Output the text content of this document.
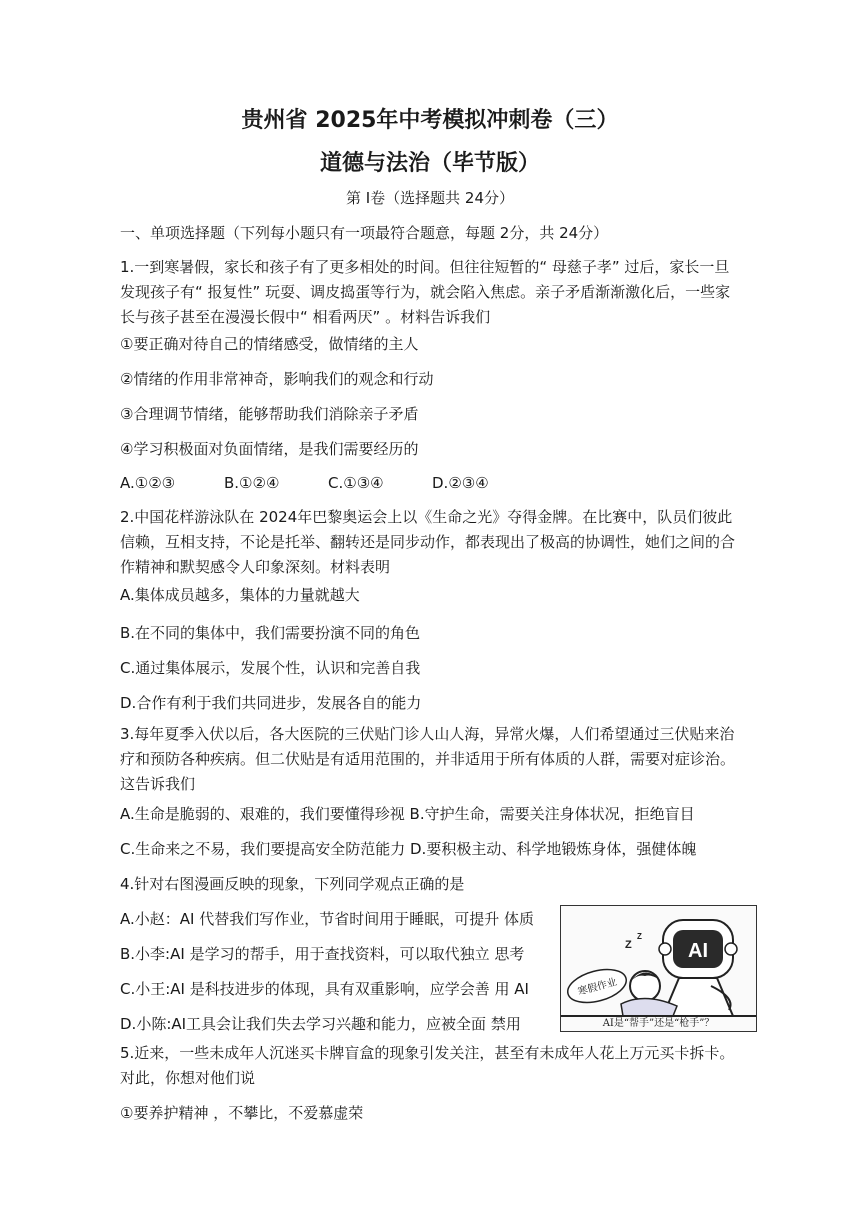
贵州省 2025年中考模拟冲刺卷（三）
道德与法治（毕节版）
第 I卷（选择题共 24分）
一、单项选择题（下列每小题只有一项最符合题意，每题 2分，共 24分）
1.一到寒暑假，家长和孩子有了更多相处的时间。但往往短暂的“ 母慈子孝” 过后，家长一旦 发现孩子有“ 报复性” 玩耍、调皮捣蛋等行为，就会陷入焦虑。亲子矛盾渐渐激化后，一些家 长与孩子甚至在漫漫长假中“ 相看两厌” 。材料告诉我们
①要正确对待自己的情绪感受，做情绪的主人
②情绪的作用非常神奇，影响我们的观念和行动
③合理调节情绪，能够帮助我们消除亲子矛盾
④学习积极面对负面情绪，是我们需要经历的
A.①②③	B.①②④	C.①③④	D.②③④
2.中国花样游泳队在 2024年巴黎奥运会上以《生命之光》夺得金牌。在比赛中，队员们彼此信赖，互相支持，不论是托举、翻转还是同步动作，都表现出了极高的协调性，她们之间的合作精神和默契感令人印象深刻。材料表明
A.集体成员越多，集体的力量就越大
B.在不同的集体中，我们需要扮演不同的角色
C.通过集体展示，发展个性，认识和完善自我
D.合作有利于我们共同进步，发展各自的能力
3.每年夏季入伏以后，各大医院的三伏贴门诊人山人海，异常火爆，人们希望通过三伏贴来治疗和预防各种疾病。但二伏贴是有适用范围的，并非适用于所有体质的人群，需要对症诊治。这告诉我们
A.生命是脆弱的、艰难的，我们要懂得珍视 B.守护生命，需要关注身体状况，拒绝盲目
C.生命来之不易，我们要提高安全防范能力 D.要积极主动、科学地锻炼身体，强健体魄
4.针对右图漫画反映的现象，下列同学观点正确的是
A.小赵：AI 代替我们写作业，节省时间用于睡眠，可提升 体质
B.小李:AI 是学习的帮手，用于查找资料，可以取代独立 思考
C.小王:AI 是科技进步的体现，具有双重影响，应学会善 用 AI
D.小陈:AI工具会让我们失去学习兴趣和能力，应被全面 禁用
AI
寒假作业
Z
Z
AI是“帮手”还是“枪手”？
5.近来，一些未成年人沉迷买卡牌盲盒的现象引发关注，甚至有未成年人花上万元买卡拆卡。对此，你想对他们说
①要养护精神 ，不攀比，不爱慕虚荣
